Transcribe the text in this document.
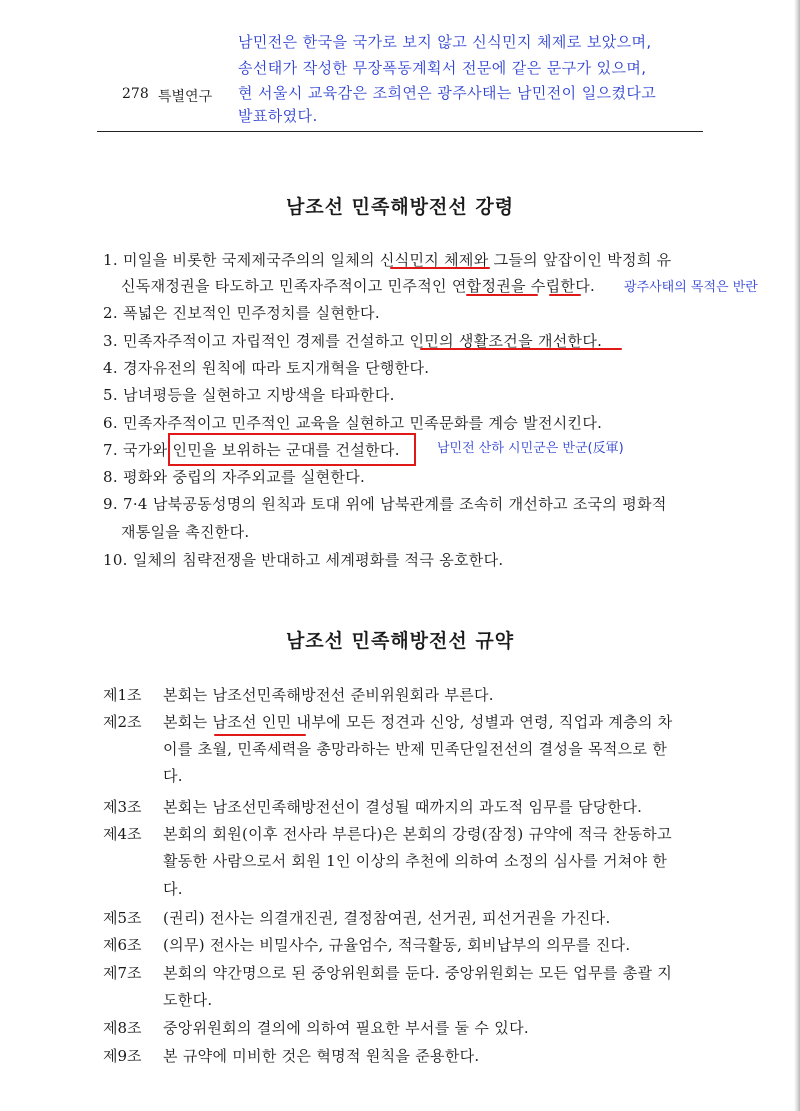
남민전은 한국을 국가로 보지 않고 신식민지 체제로 보았으며,
송선태가 작성한 무장폭동계획서 전문에 같은 문구가 있으며,
현 서울시 교육감은 조희연은 광주사태는 남민전이 일으켰다고
발표하였다.
278 특별연구
남조선 민족해방전선 강령
1. 미일을 비롯한 국제제국주의의 일체의 신식민지 체제와 그들의 앞잡이인 박정희 유
신독재정권을 타도하고 민족자주적이고 민주적인 연합정권을 수립한다. 광주사태의 목적은 반란
2. 폭넓은 진보적인 민주정치를 실현한다.
3. 민족자주적이고 자립적인 경제를 건설하고 인민의 생활조건을 개선한다.
4. 경자유전의 원칙에 따라 토지개혁을 단행한다.
5. 남녀평등을 실현하고 지방색을 타파한다.
6. 민족자주적이고 민주적인 교육을 실현하고 민족문화를 계승 발전시킨다.
7. 국가와 인민을 보위하는 군대를 건설한다.	남민전 산하 시민군은 반군(反軍)
8. 평화와 중립의 자주외교를 실현한다.
9. 7·4 남북공동성명의 원칙과 토대 위에 남북관계를 조속히 개선하고 조국의 평화적
재통일을 촉진한다.
10. 일체의 침략전쟁을 반대하고 세계평화를 적극 옹호한다.
남조선 민족해방전선 규약
제1조 본회는 남조선민족해방전선 준비위원회라 부른다.
제2조 본회는 남조선 인민 내부에 모든 정견과 신앙, 성별과 연령, 직업과 계층의 차
이를 초월, 민족세력을 총망라하는 반제 민족단일전선의 결성을 목적으로 한
다.
제3조 본회는 남조선민족해방전선이 결성될 때까지의 과도적 임무를 담당한다.
제4조 본회의 회원(이후 전사라 부른다)은 본회의 강령(잠정) 규약에 적극 찬동하고
활동한 사람으로서 회원 1인 이상의 추천에 의하여 소정의 심사를 거쳐야 한
다.
제5조 (권리) 전사는 의결개진권, 결정참여권, 선거권, 피선거권을 가진다.
제6조 (의무) 전사는 비밀사수, 규율엄수, 적극활동, 회비납부의 의무를 진다.
제7조 본회의 약간명으로 된 중앙위원회를 둔다. 중앙위원회는 모든 업무를 총괄 지
도한다.
제8조 중앙위원회의 결의에 의하여 필요한 부서를 둘 수 있다.
제9조 본 규약에 미비한 것은 혁명적 원칙을 준용한다.
